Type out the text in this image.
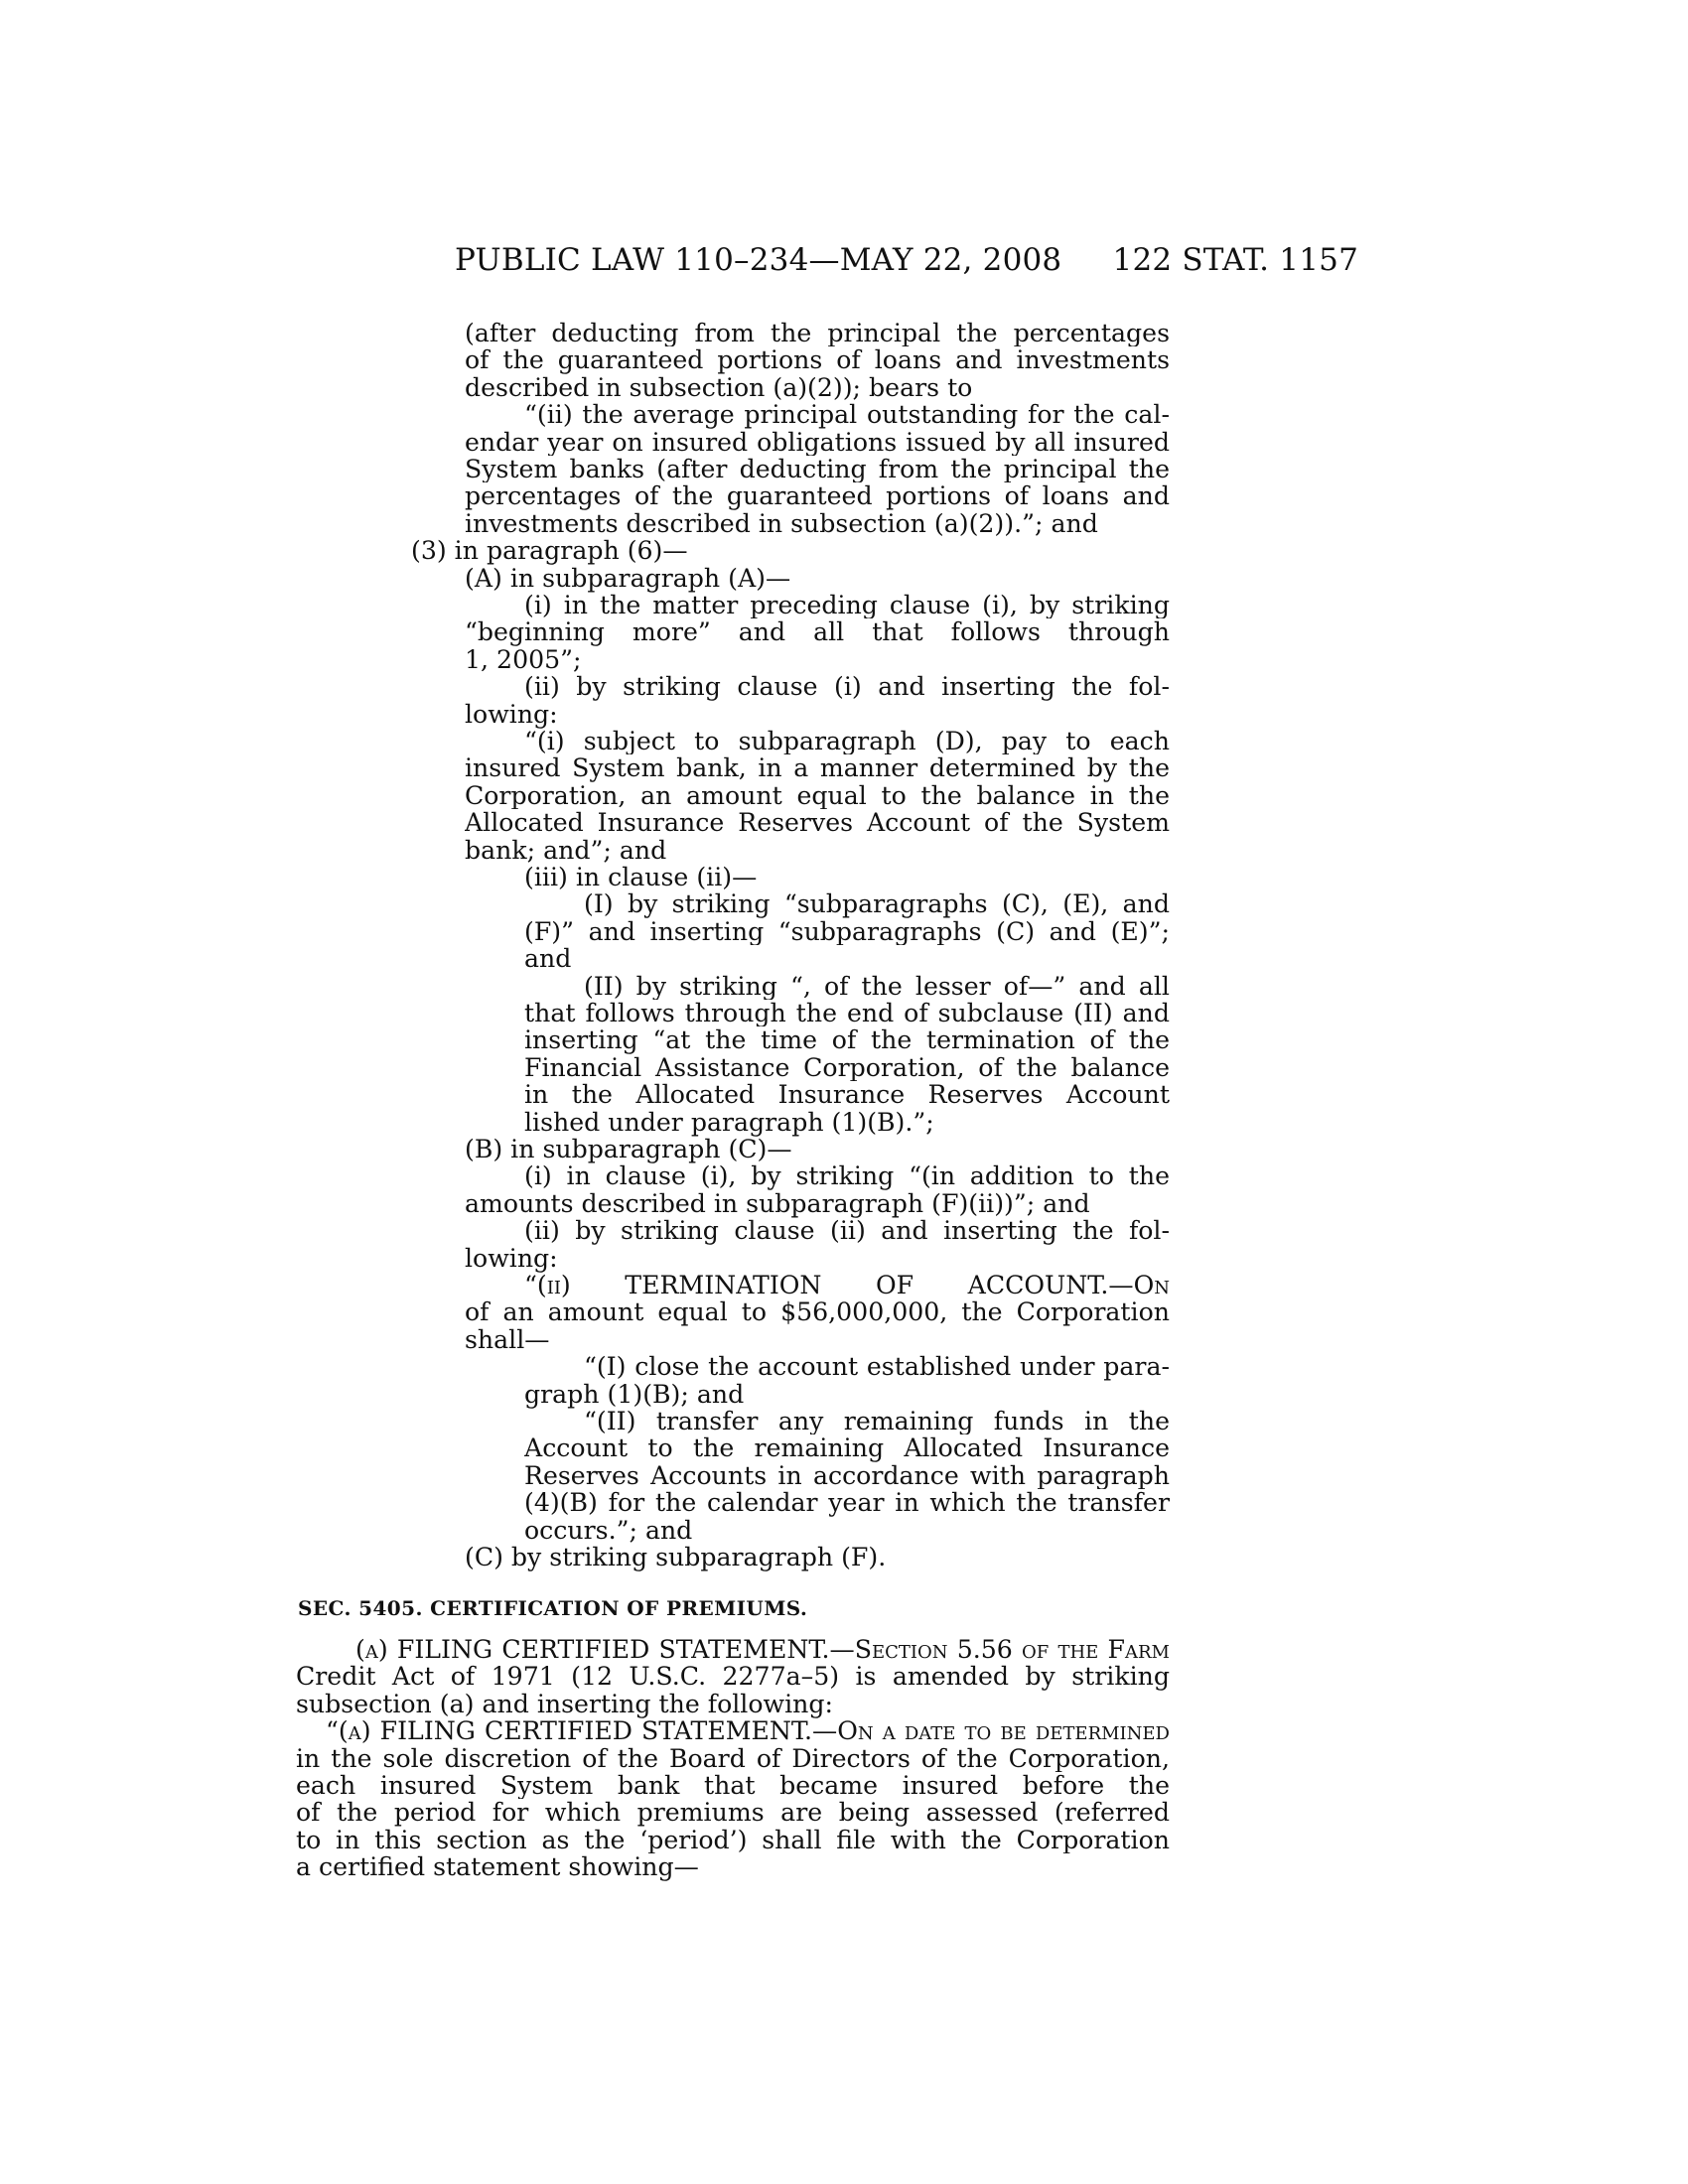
PUBLIC LAW 110–234—MAY 22, 2008 122 STAT. 1157
(after deducting from the principal the percentages
of the guaranteed portions of loans and investments
described in subsection (a)(2)); bears to
“(ii) the average principal outstanding for the cal-
endar year on insured obligations issued by all insured
System banks (after deducting from the principal the
percentages of the guaranteed portions of loans and
investments described in subsection (a)(2)).”; and
(3) in paragraph (6)—
(A) in subparagraph (A)—
(i) in the matter preceding clause (i), by striking
“beginning more” and all that follows through
1, 2005”;
(ii) by striking clause (i) and inserting the fol-
lowing:
“(i) subject to subparagraph (D), pay to each
insured System bank, in a manner determined by the
Corporation, an amount equal to the balance in the
Allocated Insurance Reserves Account of the System
bank; and”; and
(iii) in clause (ii)—
(I) by striking “subparagraphs (C), (E), and
(F)” and inserting “subparagraphs (C) and (E)”;
and
(II) by striking “, of the lesser of—” and all
that follows through the end of subclause (II) and
inserting “at the time of the termination of the
Financial Assistance Corporation, of the balance
in the Allocated Insurance Reserves Account
lished under paragraph (1)(B).”;
(B) in subparagraph (C)—
(i) in clause (i), by striking “(in addition to the
amounts described in subparagraph (F)(ii))”; and
(ii) by striking clause (ii) and inserting the fol-
lowing:
“(ii) TERMINATION OF ACCOUNT.—On
of an amount equal to $56,000,000, the Corporation
shall—
“(I) close the account established under para-
graph (1)(B); and
“(II) transfer any remaining funds in the
Account to the remaining Allocated Insurance
Reserves Accounts in accordance with paragraph
(4)(B) for the calendar year in which the transfer
occurs.”; and
(C) by striking subparagraph (F).
SEC. 5405. CERTIFICATION OF PREMIUMS.
(a) FILING CERTIFIED STATEMENT.—Section 5.56 of the Farm
Credit Act of 1971 (12 U.S.C. 2277a–5) is amended by striking
subsection (a) and inserting the following:
“(a) FILING CERTIFIED STATEMENT.—On a date to be determined
in the sole discretion of the Board of Directors of the Corporation,
each insured System bank that became insured before the
of the period for which premiums are being assessed (referred
to in this section as the ‘period’) shall file with the Corporation
a certified statement showing—
